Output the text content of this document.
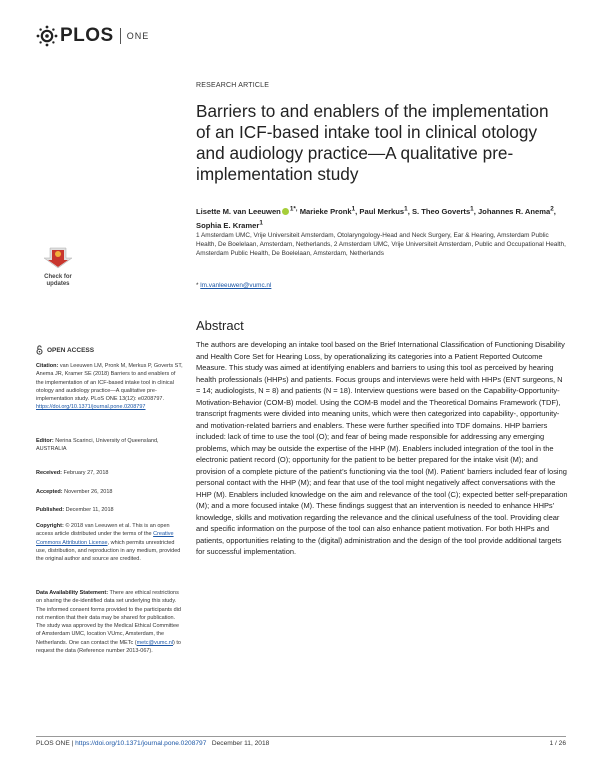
PLOS ONE
RESEARCH ARTICLE
Barriers to and enablers of the implementation of an ICF-based intake tool in clinical otology and audiology practice—A qualitative pre-implementation study
Lisette M. van Leeuwen $^{1*,}$ Marieke Pronk$^1$, Paul Merkus$^1$, S. Theo Goverts$^1$, Johannes R. Anema$^2$, Sophia E. Kramer$^1$
1 Amsterdam UMC, Vrije Universiteit Amsterdam, Otolaryngology-Head and Neck Surgery, Ear & Hearing, Amsterdam Public Health, De Boelelaan, Amsterdam, Netherlands, 2 Amsterdam UMC, Vrije Universiteit Amsterdam, Public and Occupational Health, Amsterdam Public Health, De Boelelaan, Amsterdam, Netherlands
* lm.vanleeuwen@vumc.nl
Abstract

The authors are developing an intake tool based on the Brief International Classification of Functioning Disability and Health Core Set for Hearing Loss, by operationalizing its categories into a Patient Reported Outcome Measure. This study was aimed at identifying enablers and barriers to using this tool as perceived by hearing health professionals (HHPs) and patients. Focus groups and interviews were held with HHPs (ENT surgeons, N = 14; audiologists, N = 8) and patients (N = 18). Interview questions were based on the Capability-Opportunity-Motivation-Behavior (COM-B) model. Using the COM-B model and the Theoretical Domains Framework (TDF), transcript fragments were divided into meaning units, which were then categorized into capability-, opportunity- and motivation-related barriers and enablers. These were further specified into TDF domains. HHP barriers included: lack of time to use the tool (O); and fear of being made responsible for addressing any emerging problems, which may be outside the expertise of the HHP (M). Enablers included integration of the tool in the electronic patient record (O); opportunity for the patient to be better prepared for the intake visit (M); and provision of a complete picture of the patient’s functioning via the tool (M). Patient’ barriers included fear of losing personal contact with the HHP (M); and fear that use of the tool might negatively affect conversations with the HHP (M). Enablers included knowledge on the aim and relevance of the tool (C); expected better self-preparation (M); and a more focused intake (M). These findings suggest that an intervention is needed to enhance HHPs’ knowledge, skills and motivation regarding the relevance and the clinical usefulness of the tool. Providing clear and specific information on the purpose of the tool can also enhance patient motivation. For both HHPs and patients, opportunities relating to the (digital) administration and the design of the tool provide additional targets for successful implementation.

Check for updates
OPEN ACCESS

Citation: van Leeuwen LM, Pronk M, Merkus P, Goverts ST, Anema JR, Kramer SE (2018) Barriers to and enablers of the implementation of an ICF-based intake tool in clinical otology and audiology practice—A qualitative pre-implementation study. PLoS ONE 13(12): e0208797. https://doi.org/10.1371/journal.pone.0208797

Editor: Nerina Scarinci, University of Queensland, AUSTRALIA

Received: February 27, 2018

Accepted: November 26, 2018

Published: December 11, 2018

Copyright: © 2018 van Leeuwen et al. This is an open access article distributed under the terms of the Creative Commons Attribution License, which permits unrestricted use, distribution, and reproduction in any medium, provided the original author and source are credited.

Data Availability Statement: There are ethical restrictions on sharing the de-identified data set underlying this study. The informed consent forms provided to the participants did not mention that their data may be shared for publication. The study was approved by the Medical Ethical Committee of Amsterdam UMC, location VUmc, Amsterdam, the Netherlands. One can contact the METc (metc@vumc.nl) to request the data (Reference number 2013-067).

PLOS ONE | https://doi.org/10.1371/journal.pone.0208797 December 11, 2018	1 / 26
